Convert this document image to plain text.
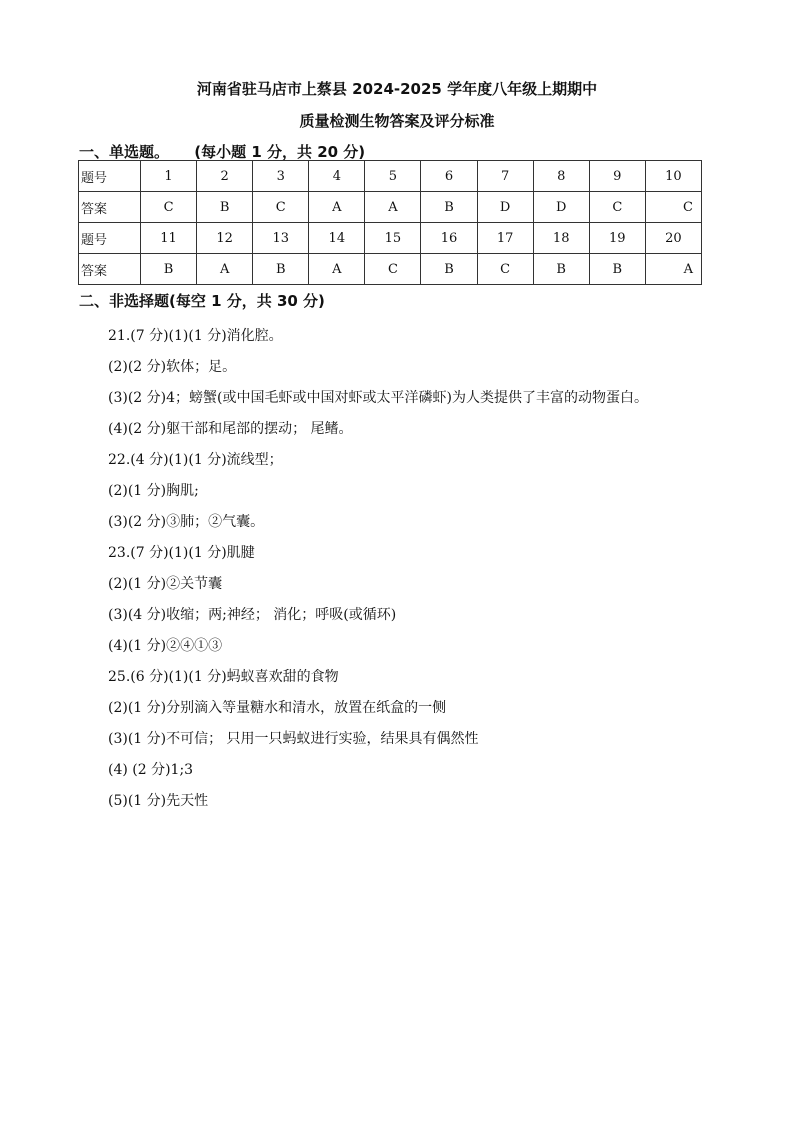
河南省驻马店市上蔡县 2024-2025 学年度八年级上期期中
质量检测生物答案及评分标准
一、单选题。 (每小题 1 分，共 20 分)
题号	1	2	3	4	5	6	7	8	9	10
答案	C	B	C	A	A	B	D	D	C	C
题号	11	12	13	14	15	16	17	18	19	20
答案	B	A	B	A	C	B	C	B	B	A
二、非选择题(每空 1 分，共 30 分)
21.(7 分)(1)(1 分)消化腔。
(2)(2 分)软体；足。
(3)(2 分)4；螃蟹(或中国毛虾或中国对虾或太平洋磷虾)为人类提供了丰富的动物蛋白。
(4)(2 分)躯干部和尾部的摆动； 尾鳍。
22.(4 分)(1)(1 分)流线型；
(2)(1 分)胸肌;
(3)(2 分)③肺；②气囊。
23.(7 分)(1)(1 分)肌腱
(2)(1 分)②关节囊
(3)(4 分)收缩；两;神经； 消化；呼吸(或循环)
(4)(1 分)②④①③
25.(6 分)(1)(1 分)蚂蚁喜欢甜的食物
(2)(1 分)分别滴入等量糖水和清水，放置在纸盒的一侧
(3)(1 分)不可信； 只用一只蚂蚁进行实验，结果具有偶然性
(4) (2 分)1;3
(5)(1 分)先天性
